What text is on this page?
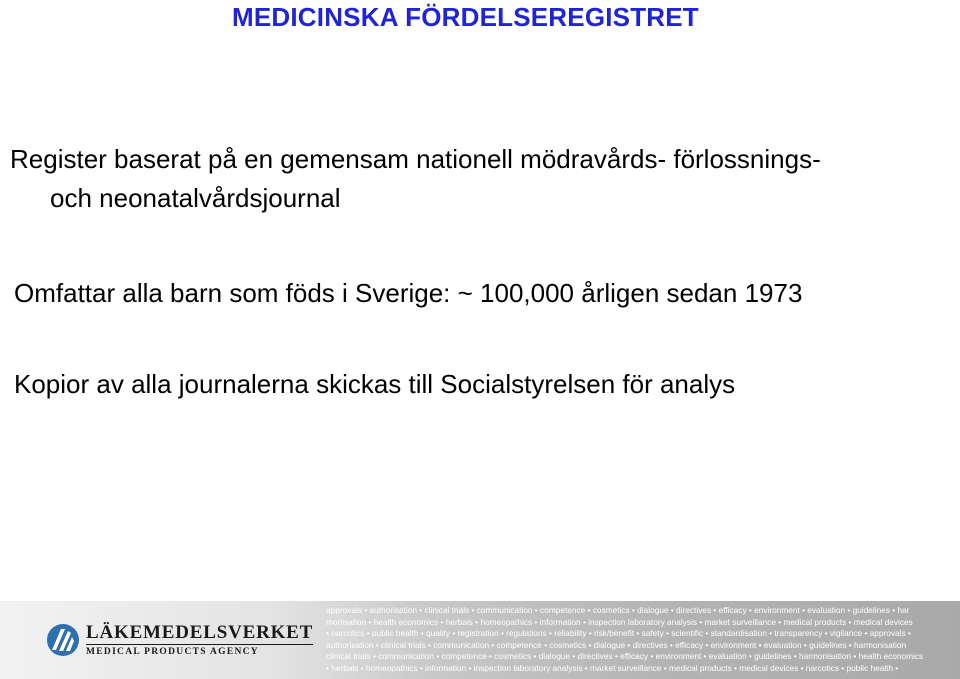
MEDICINSKA FÖRDELSEREGISTRET
Register baserat på en gemensam nationell mödravårds- förlossnings-
och neonatalvårdsjournal
Omfattar alla barn som föds i Sverige: ~ 100,000 årligen sedan 1973
Kopior av alla journalerna skickas till Socialstyrelsen för analys
LÄKEMEDELSVERKET
MEDICAL PRODUCTS AGENCY
approvals • authorisation • clinical trials • communication • competence • cosmetics • dialogue • directives • efficacy • environment • evaluation • guidelines • har
monisation • health economics • herbals • homeopathics • information • inspection laboratory analysis • market surveillance • medical products • medical devices
• narcotics • public health • quality • registration • regulations • reliability • risk/benefit • safety • scientific • standardisation • transparency • vigilance • approvals •
authorisation • clinical trials • communication • competence • cosmetics • dialogue • directives • efficacy • environment • evaluation • guidelines • harmonisation
clinical trials • communication • competence • cosmetics • dialogue • directives • efficacy • environment • evaluation • guidelines • harmonisation • health economics
• herbals • homeopathics • information • inspection laboratory analysis • market surveillance • medical products • medical devices • narcotics • public health •
